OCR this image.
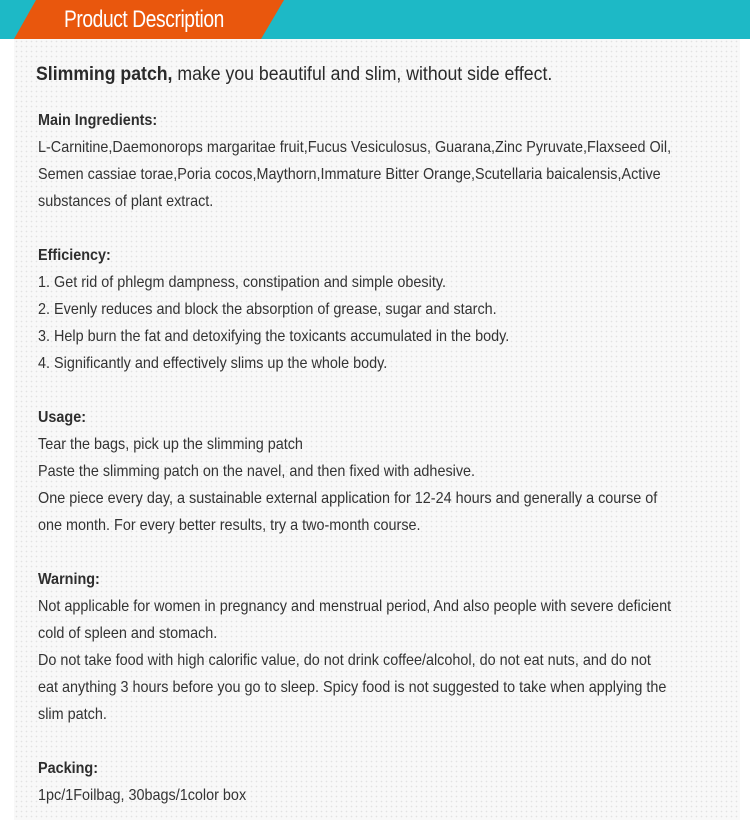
Product Description
Slimming patch, make you beautiful and slim, without side effect.
Main Ingredients:
L-Carnitine,Daemonorops margaritae fruit,Fucus Vesiculosus, Guarana,Zinc Pyruvate,Flaxseed Oil,
Semen cassiae torae,Poria cocos,Maythorn,Immature Bitter Orange,Scutellaria baicalensis,Active
substances of plant extract.
Efficiency:
1. Get rid of phlegm dampness, constipation and simple obesity.
2. Evenly reduces and block the absorption of grease, sugar and starch.
3. Help burn the fat and detoxifying the toxicants accumulated in the body.
4. Significantly and effectively slims up the whole body.
Usage:
Tear the bags, pick up the slimming patch
Paste the slimming patch on the navel, and then fixed with adhesive.
One piece every day, a sustainable external application for 12-24 hours and generally a course of
one month. For every better results, try a two-month course.
Warning:
Not applicable for women in pregnancy and menstrual period, And also people with severe deficient
cold of spleen and stomach.
Do not take food with high calorific value, do not drink coffee/alcohol, do not eat nuts, and do not
eat anything 3 hours before you go to sleep. Spicy food is not suggested to take when applying the
slim patch.
Packing:
1pc/1Foilbag, 30bags/1color box
